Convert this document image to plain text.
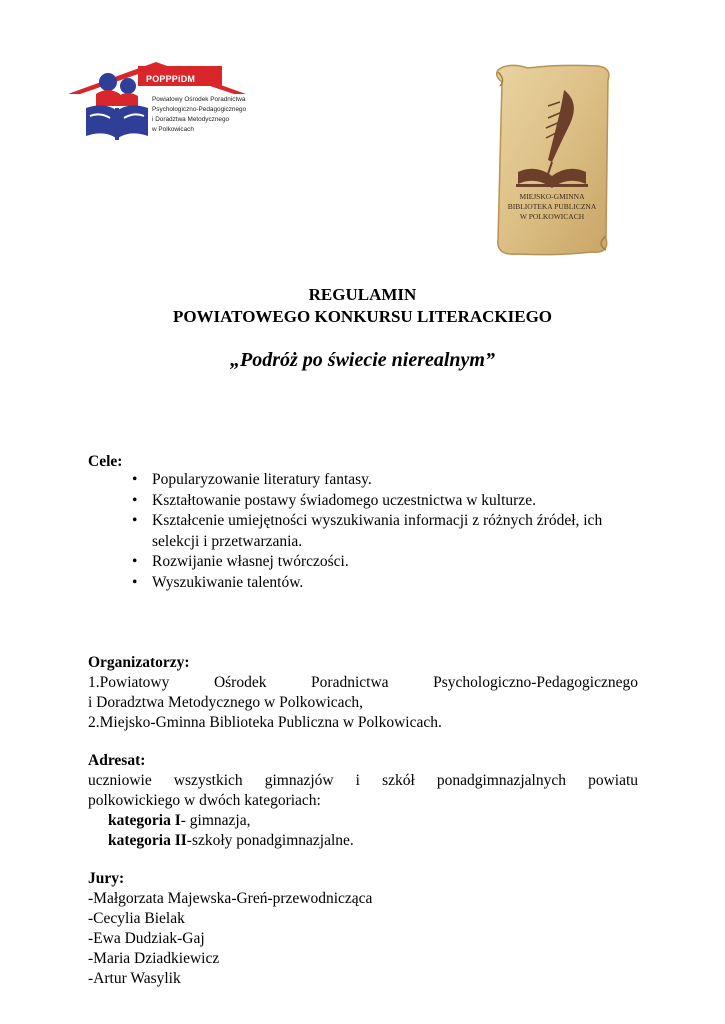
POPPPiDM
Powiatowy Ośrodek Poradnictwa
Psychologiczno-Pedagogicznego
i Doradztwa Metodycznego
w Polkowicach
MIEJSKO-GMINNA
BIBLIOTEKA PUBLICZNA
W POLKOWICACH
REGULAMIN
POWIATOWEGO KONKURSU LITERACKIEGO
„Podróż po świecie nierealnym”
Cele:
• Popularyzowanie literatury fantasy.
• Kształtowanie postawy świadomego uczestnictwa w kulturze.
• Kształcenie umiejętności wyszukiwania informacji z różnych źródeł, ich selekcji i przetwarzania.
• Rozwijanie własnej twórczości.
• Wyszukiwanie talentów.
Organizatorzy:
1.Powiatowy Ośrodek Poradnictwa Psychologiczno-Pedagogicznego
i Doradztwa Metodycznego w Polkowicach,
2.Miejsko-Gminna Biblioteka Publiczna w Polkowicach.
Adresat:
uczniowie wszystkich gimnazjów i szkół ponadgimnazjalnych powiatu
polkowickiego w dwóch kategoriach:
kategoria I- gimnazja,
kategoria II-szkoły ponadgimnazjalne.
Jury:
-Małgorzata Majewska-Greń-przewodnicząca
-Cecylia Bielak
-Ewa Dudziak-Gaj
-Maria Dziadkiewicz
-Artur Wasylik
